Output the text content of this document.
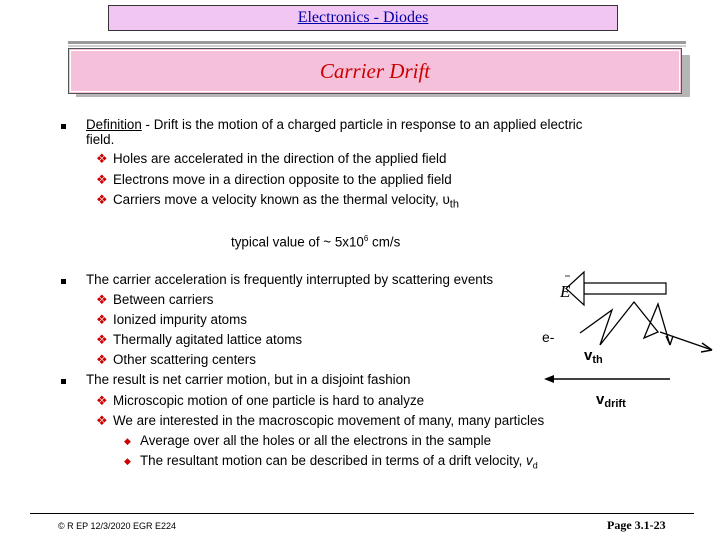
Electronics - Diodes
Carrier Drift
Definition - Drift is the motion of a charged particle in response to an applied electric
field.
❖ Holes are accelerated in the direction of the applied field
❖ Electrons move in a direction opposite to the applied field
❖ Carriers move a velocity known as the thermal velocity, $\upsilon_{th}$
typical value of ~ $5x10^6$ cm/s
The carrier acceleration is frequently interrupted by scattering events
❖ Between carriers
❖ Ionized impurity atoms
❖ Thermally agitated lattice atoms
❖ Other scattering centers
The result is net carrier motion, but in a disjoint fashion
❖ Microscopic motion of one particle is hard to analyze
❖ We are interested in the macroscopic movement of many, many particles
◆ Average over all the holes or all the electrons in the sample
◆ The resultant motion can be described in terms of a drift velocity, $v_d$
E
e-
$v_{th}$
$v_{drift}$
© R EP 12/3/2020 EGR E224	Page 3.1-23
